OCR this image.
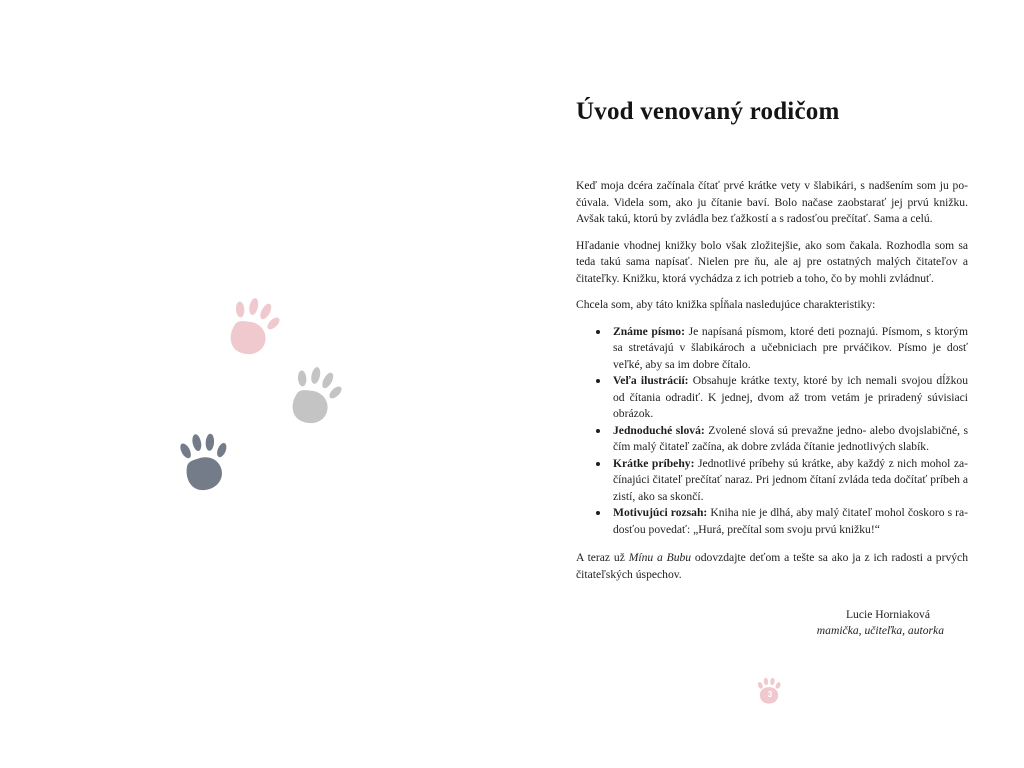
Úvod venovaný rodičom

Keď moja dcéra začínala čítať prvé krátke vety v šlabikári, s nadšením som ju po-čúvala. Videla som, ako ju čítanie baví. Bolo načase zaobstarať jej prvú knižku. Avšak takú, ktorú by zvládla bez ťažkostí a s radosťou prečítať. Sama a celú.

Hľadanie vhodnej knižky bolo však zložitejšie, ako som čakala. Rozhodla som sa teda takú sama napísať. Nielen pre ňu, ale aj pre ostatných malých čitateľov a čitateľky. Knižku, ktorá vychádza z ich potrieb a toho, čo by mohli zvládnuť.

Chcela som, aby táto knižka spĺňala nasledujúce charakteristiky:

Známe písmo: Je napísaná písmom, ktoré deti poznajú. Písmom, s ktorým sa stretávajú v šlabikároch a učebniciach pre prváčikov. Písmo je dosť veľké, aby sa im dobre čítalo.
Veľa ilustrácií: Obsahuje krátke texty, ktoré by ich nemali svojou dĺžkou od čítania odradiť. K jednej, dvom až trom vetám je priradený súvisiaci obrázok.
Jednoduché slová: Zvolené slová sú prevažne jedno- alebo dvojslabičné, s čím malý čitateľ začína, ak dobre zvláda čítanie jednotlivých slabík.
Krátke príbehy: Jednotlivé príbehy sú krátke, aby každý z nich mohol za-čínajúci čitateľ prečítať naraz. Pri jednom čítaní zvláda teda dočítať príbeh a zistí, ako sa skončí.
Motivujúci rozsah: Kniha nie je dlhá, aby malý čitateľ mohol čoskoro s ra-dosťou povedať: „Hurá, prečítal som svoju prvú knižku!“

A teraz už Mínu a Bubu odovzdajte deťom a tešte sa ako ja z ich radosti a prvých čitateľských úspechov.

Lucie Horniaková
mamička, učiteľka, autorka
3
